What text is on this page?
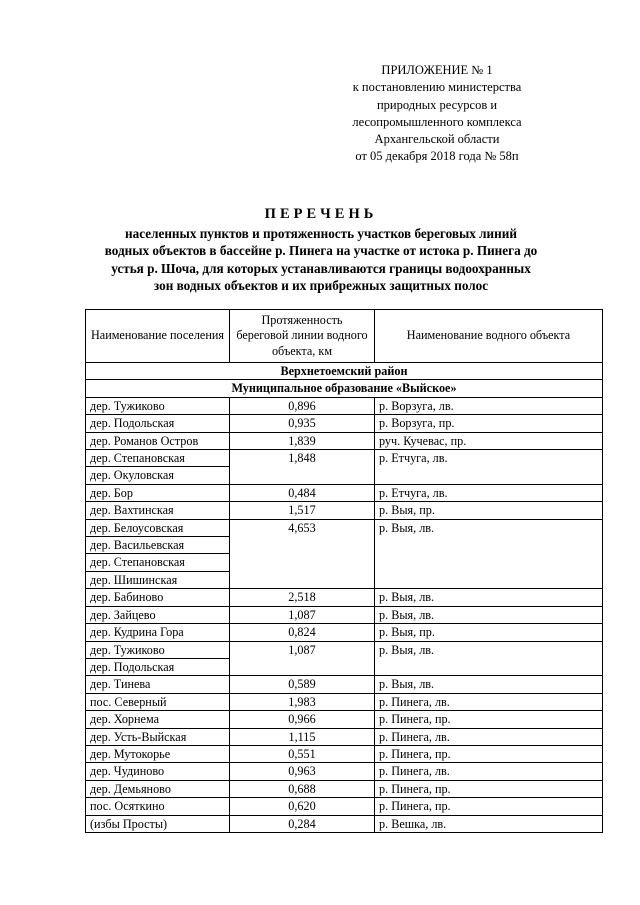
ПРИЛОЖЕНИЕ № 1
к постановлению министерства
природных ресурсов и
лесопромышленного комплекса
Архангельской области
от 05 декабря 2018 года № 58п
ПЕРЕЧЕНЬ
населенных пунктов и протяженность участков береговых линий
водных объектов в бассейне р. Пинега на участке от истока р. Пинега до
устья р. Шоча, для которых устанавливаются границы водоохранных
зон водных объектов и их прибрежных защитных полос
Наименование поселения	Протяженность береговой линии водного объекта, км	Наименование водного объекта
Верхнетоемский район		
Муниципальное образование «Выйское»		
дер. Тужиково	0,896	р. Ворзуга, лв.
дер. Подольская	0,935	р. Ворзуга, пр.
дер. Романов Остров	1,839	руч. Кучевас, пр.
дер. Степановская	1,848	р. Етчуга, лв.
дер. Окуловская		
дер. Бор	0,484	р. Етчуга, лв.
дер. Вахтинская	1,517	р. Выя, пр.
дер. Белоусовская	4,653	р. Выя, лв.
дер. Васильевская		
дер. Степановская		
дер. Шишинская		
дер. Бабиново	2,518	р. Выя, лв.
дер. Зайцево	1,087	р. Выя, лв.
дер. Кудрина Гора	0,824	р. Выя, пр.
дер. Тужиково	1,087	р. Выя, лв.
дер. Подольская		
дер. Тинева	0,589	р. Выя, лв.
пос. Северный	1,983	р. Пинега, лв.
дер. Хорнема	0,966	р. Пинега, пр.
дер. Усть-Выйская	1,115	р. Пинега, лв.
дер. Мутокорье	0,551	р. Пинега, пр.
дер. Чудиново	0,963	р. Пинега, лв.
дер. Демьяново	0,688	р. Пинега, пр.
пос. Осяткино	0,620	р. Пинега, пр.
(избы Просты)	0,284	р. Вешка, лв.
